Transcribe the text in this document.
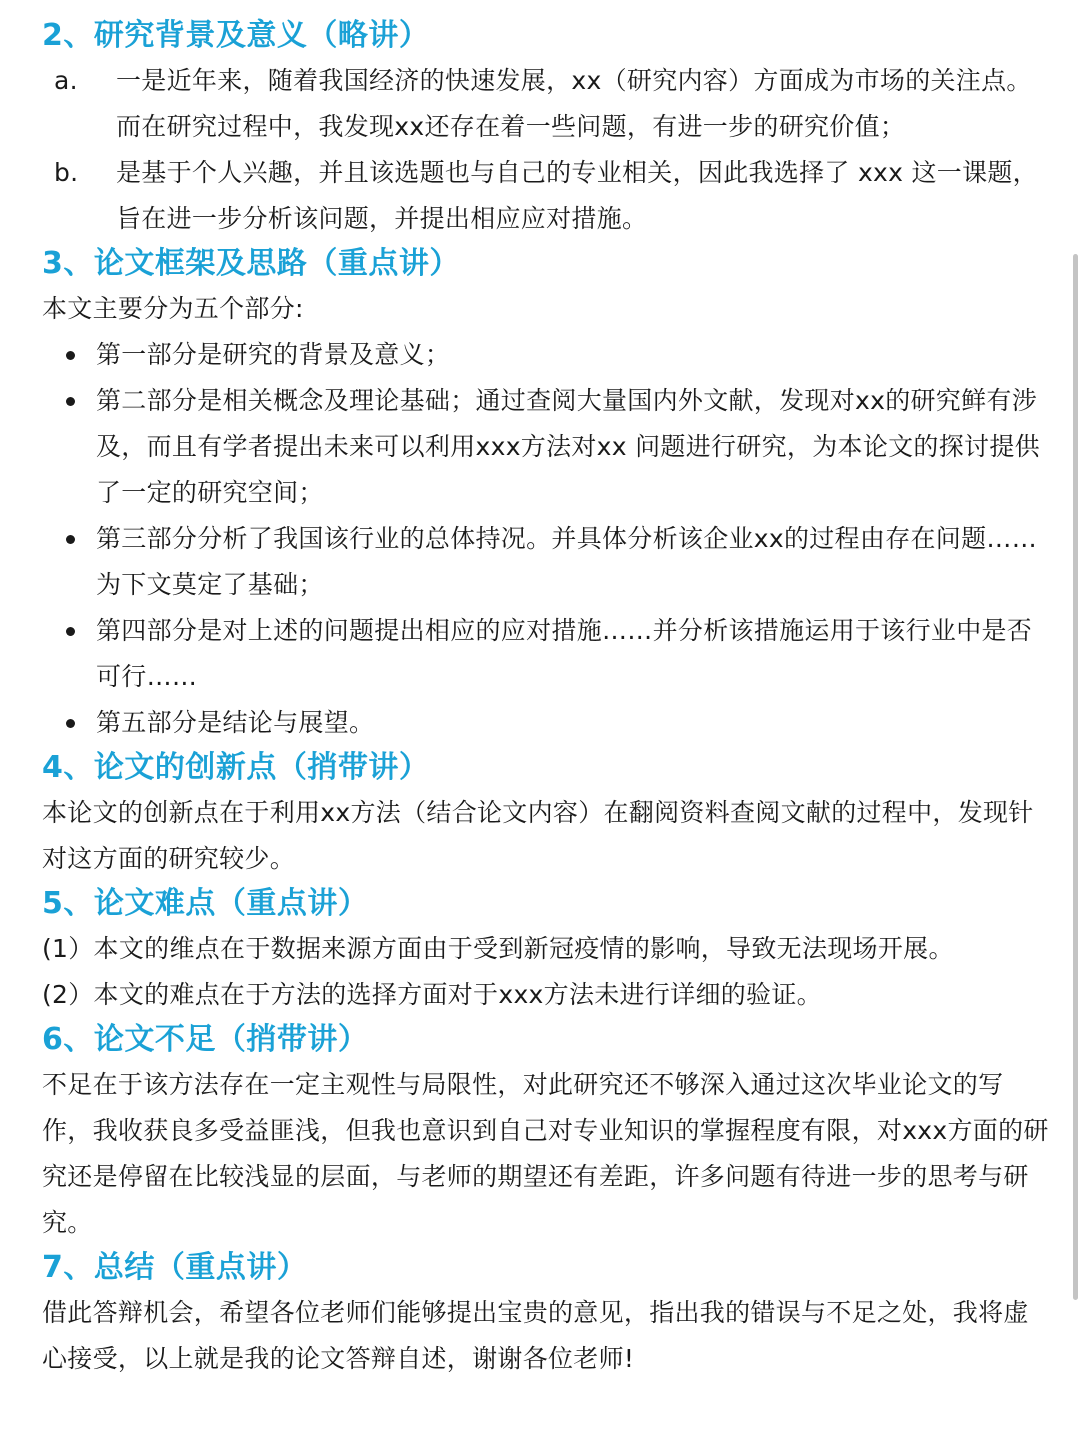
2、研究背景及意义（略讲）
a.	一是近年来，随着我国经济的快速发展，xx（研究内容）方面成为市场的关注点。而在研究过程中，我发现xx还存在着一些问题，有进一步的研究价值；
b.	是基于个人兴趣，并且该选题也与自己的专业相关，因此我选择了 xxx 这一课题，旨在进一步分析该问题，并提出相应应对措施。
3、论文框架及思路（重点讲）

本文主要分为五个部分:

第一部分是研究的背景及意义；
第二部分是相关概念及理论基础；通过查阅大量国内外文献，发现对xx的研究鲜有涉及，而且有学者提出未来可以利用xxx方法对xx 问题进行研究，为本论文的探讨提供了一定的研究空间；
第三部分分析了我国该行业的总体持况。并具体分析该企业xx的过程由存在问题……为下文莫定了基础；
第四部分是对上述的问题提出相应的应对措施……并分析该措施运用于该行业中是否可行……
第五部分是结论与展望。
4、论文的创新点（捎带讲）

本论文的创新点在于利用xx方法（结合论文内容）在翻阅资料查阅文献的过程中，发现针对这方面的研究较少。

5、论文难点（重点讲）

(1）本文的维点在于数据来源方面由于受到新冠疫情的影响，导致无法现场开展。

(2）本文的难点在于方法的选择方面对于xxx方法未进行详细的验证。

6、论文不足（捎带讲）

不足在于该方法存在一定主观性与局限性，对此研究还不够深入通过这次毕业论文的写作，我收获良多受益匪浅，但我也意识到自己对专业知识的掌握程度有限，对xxx方面的研究还是停留在比较浅显的层面，与老师的期望还有差距，许多问题有待进一步的思考与研究。

7、总结（重点讲）

借此答辩机会，希望各位老师们能够提出宝贵的意见，指出我的错误与不足之处，我将虚心接受，以上就是我的论文答辩自述，谢谢各位老师!
